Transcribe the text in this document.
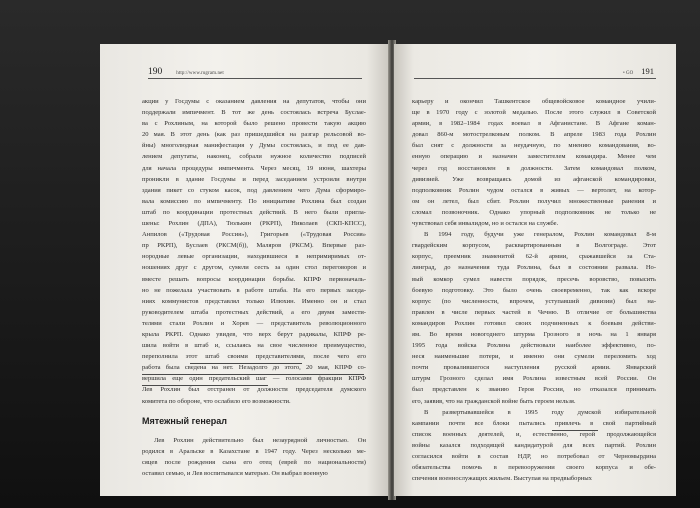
190	http://www.rugram.net
акции у Госдумы с оказанием давления на депутатов, чтобы они
поддержали импичмент. В тот же день состоялась встреча Буслае-
ва с Рохлиным, на которой было решено провести такую акцию
20 мая. В этот день (как раз пришедшийся на разгар рельсовой во-
йны) многолюдная манифестация у Думы состоялась, и под ее дав-
лением депутаты, наконец, собрали нужное количество подписей
для начала процедуры импичмента. Через месяц, 19 июня, шахтеры
проникли в здание Госдумы и перед заседанием устроили внутри
здания пикет со стуком касок, под давлением чего Дума сформиро-
вала комиссию по импичменту. По инициативе Рохлина был создан
штаб по координации протестных действий. В него были пригла-
шены: Рохлин (ДПА), Тюлькин (РКРП), Николаев (СКП-КПСС),
Анпилов («Трудовая Россия»), Григорьев («Трудовая Россия»
пр РКРП), Буслаев (РКСМ(б)), Маляров (РКСМ). Впервые раз-
нородные левые организации, находившиеся в непримиримых от-
ношениях друг с другом, сумели сесть за один стол переговоров и
вместе решать вопросы координации борьбы. КПРФ первоначаль-
но не пожелала участвовать в работе штаба. На его первых заседа-
ниях коммунистов представлял только Илюхин. Именно он и стал
руководителем штаба протестных действий, а его двумя замести-
телями стали Рохлин и Хорев — представитель революционного
крыла РКРП. Однако увидев, что верх берут радикалы, КПРФ ре-
шила войти в штаб и, ссылаясь на свое численное преимущество,
переполнила этот штаб своими представителями, после чего его
работа была сведена на нет. Незадолго до этого, 20 мая, КПРФ со-
вершила еще один предательский шаг — голосами фракции КПРФ
Лев Рохлин был отстранен от должности председателя думского
комитета по обороне, что ослабило его возможности.
Мятежный генерал
Лев Рохлин действительно был незаурядной личностью. Он
родился в Аральске в Казахстане в 1947 году. Через несколько ме-
сяцев после рождения сына его отец (еврей по национальности)
оставил семью, и Лев воспитывался матерью. Он выбрал военную
• GO 191
карьеру и окончил Ташкентское общевойсковое командное учили-
ще в 1970 году с золотой медалью. После этого служил в Советской
армии, в 1982–1984 годах воевал в Афганистане. В Афгане коман-
довал 860-м мотострелковым полком. В апреле 1983 года Рохлин
был снят с должности за неудачную, по мнению командования, во-
енную операцию и назначен заместителем командира. Менее чем
через год восстановлен в должности. Затем командовал полком,
дивизией. Уже возвращаясь домой из афганской командировки,
подполковник Рохлин чудом остался в живых — вертолет, на котор-
ом он летел, был сбит. Рохлин получил множественные ранения и
сломал позвоночник. Однако упорный подполковник не только не
чувствовал себя инвалидом, но и остался на службе.
В 1994 году, будучи уже генералом, Рохлин командовал 8-м
гвардейским корпусом, расквартированным в Волгограде. Этот
корпус, преемник знаменитой 62-й армии, сражавшейся за Ста-
линград, до назначения туда Рохлина, был в состоянии развала. Но-
вый комкор сумел навести порядок, пресечь воровство, повысить
боевую подготовку. Это было очень своевременно, так как вскоре
корпус (по численности, впрочем, уступавший дивизии) был на-
правлен в числе первых частей в Чечню. В отличие от большинства
командиров Рохлин готовил своих подчиненных к боевым действи-
ям. Во время новогоднего штурма Грозного в ночь на 1 января
1995 года войска Рохлина действовали наиболее эффективно, по-
неся наименьшие потери, и именно они сумели переломить ход
почти провалившегося наступления русской армии. Январский
штурм Грозного сделал имя Рохлина известным всей России. Он
был представлен к званию Героя России, но отказался принимать
его, заявив, что на гражданской войне быть героем нельзя.
В развертывавшейся в 1995 году думской избирательной
кампании почти все блоки пытались привлечь в свой партийный
список военных деятелей, и, естественно, герой продолжающейся
войны казался подходящей кандидатурой для всех партий. Рохлин
согласился войти в состав НДР, но потребовал от Черномырдина
обязательства помочь в перевооружении своего корпуса и обе-
спечения военнослужащих жильем. Выступая на предвыборных
